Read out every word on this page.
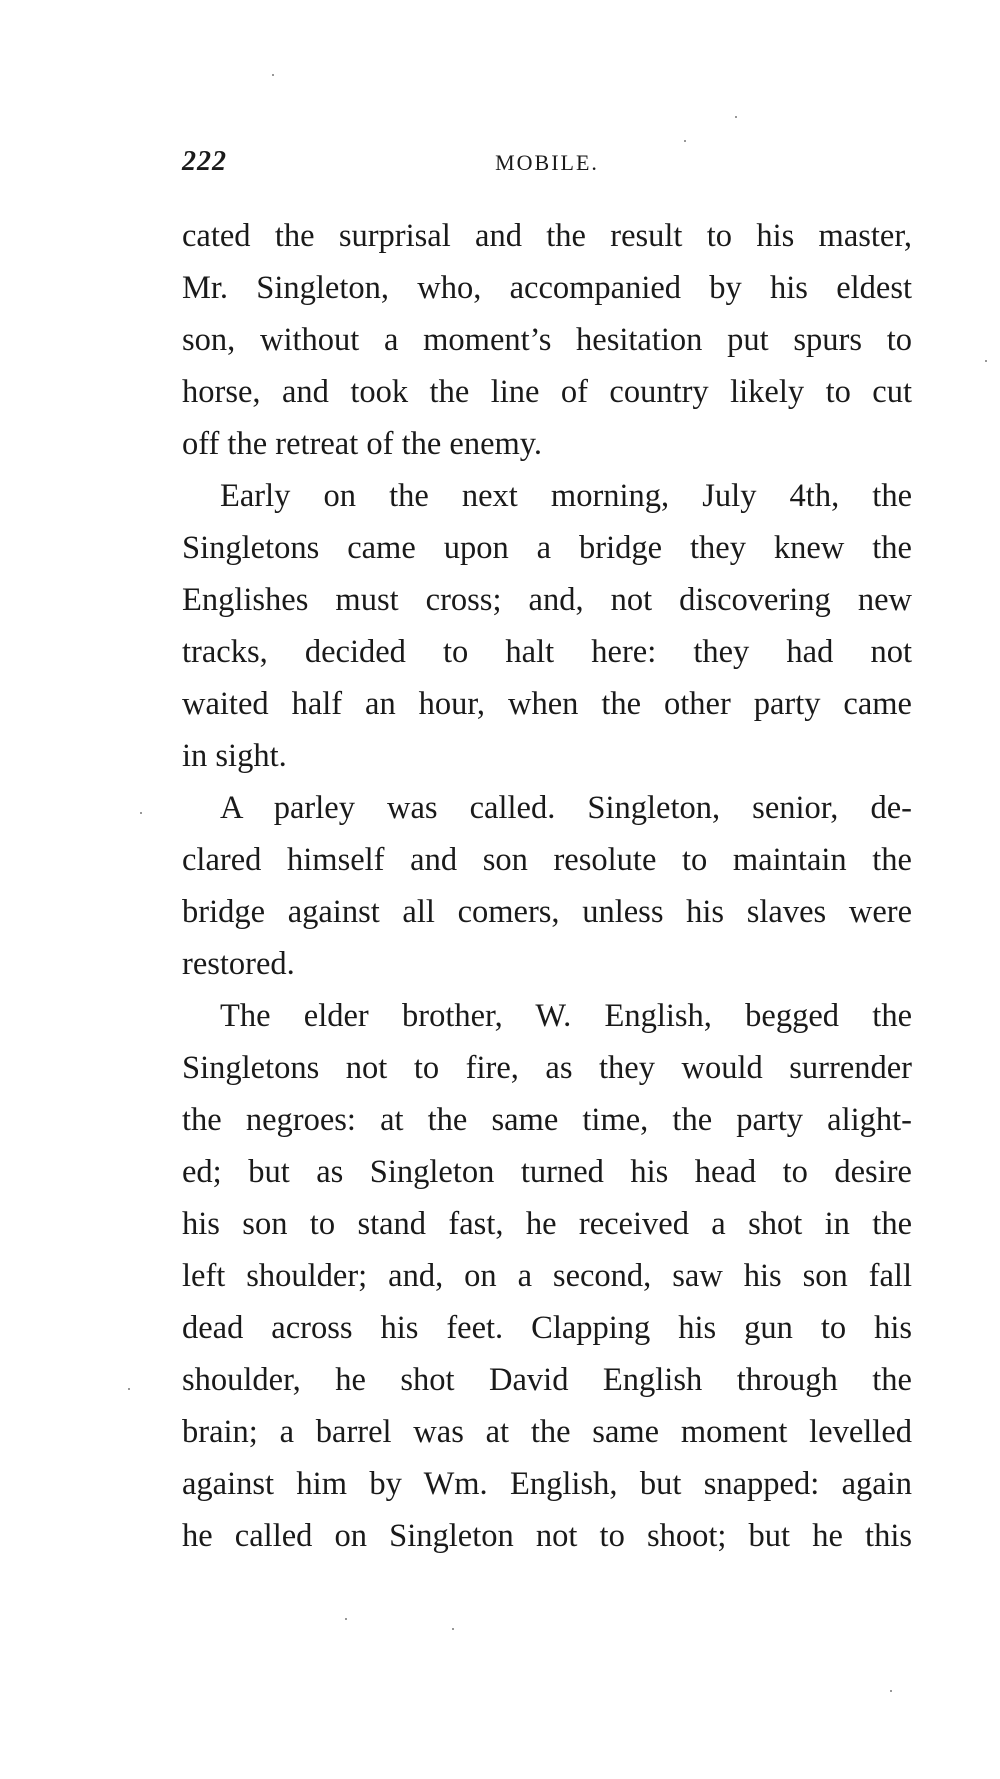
222	MOBILE.
cated the surprisal and the result to his master,
Mr. Singleton, who, accompanied by his eldest
son, without a moment’s hesitation put spurs to
horse, and took the line of country likely to cut
off the retreat of the enemy.
Early on the next morning, July 4th, the
Singletons came upon a bridge they knew the
Englishes must cross; and, not discovering new
tracks, decided to halt here: they had not
waited half an hour, when the other party came
in sight.
A parley was called. Singleton, senior, de-
clared himself and son resolute to maintain the
bridge against all comers, unless his slaves were
restored.
The elder brother, W. English, begged the
Singletons not to fire, as they would surrender
the negroes: at the same time, the party alight-
ed; but as Singleton turned his head to desire
his son to stand fast, he received a shot in the
left shoulder; and, on a second, saw his son fall
dead across his feet. Clapping his gun to his
shoulder, he shot David English through the
brain; a barrel was at the same moment levelled
against him by Wm. English, but snapped: again
he called on Singleton not to shoot; but he this
